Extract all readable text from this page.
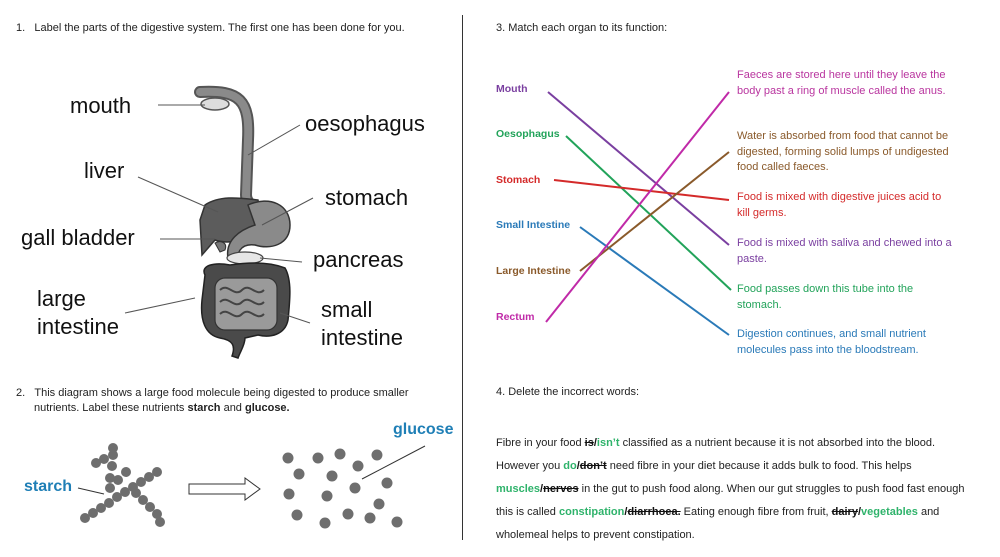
1. Label the parts of the digestive system. The first one has been done for you.
mouth
oesophagus
liver
stomach
gall bladder
pancreas
large
intestine
small
intestine
2. This diagram shows a large food molecule being digested to produce smaller
nutrients. Label these nutrients starch and glucose.
starch
glucose
3. Match each organ to its function:
Mouth
Oesophagus
Stomach
Small Intestine
Large Intestine
Rectum
Faeces are stored here until they leave the body past a ring of muscle called the anus.
Water is absorbed from food that cannot be digested, forming solid lumps of undigested food called faeces.
Food is mixed with digestive juices acid to kill germs.
Food is mixed with saliva and chewed into a paste.
Food passes down this tube into the stomach.
Digestion continues, and small nutrient molecules pass into the bloodstream.
4. Delete the incorrect words:
Fibre in your food is/isn’t classified as a nutrient because it is not absorbed into the blood.
However you do/don’t need fibre in your diet because it adds bulk to food. This helps
muscles/nerves in the gut to push food along. When our gut struggles to push food fast enough
this is called constipation/diarrhoea. Eating enough fibre from fruit, dairy/vegetables and
wholemeal helps to prevent constipation.
